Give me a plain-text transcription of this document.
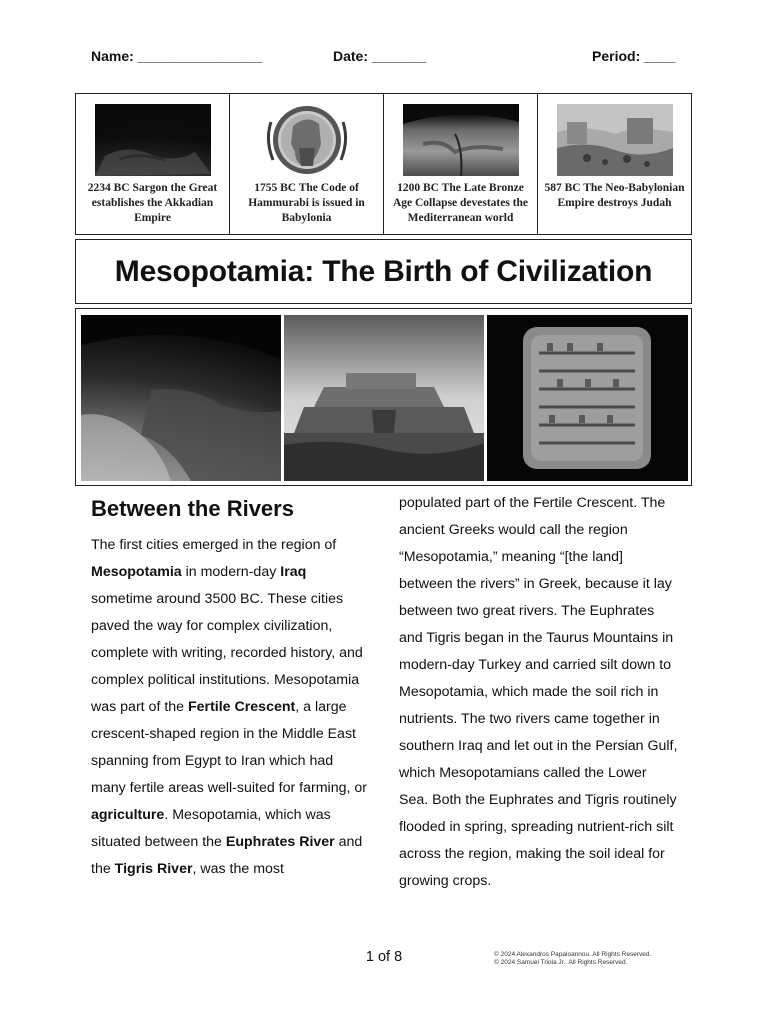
Name: ________________	Date: _______	Period: ____
2234 BC Sargon the Great establishes the Akkadian Empire
1755 BC The Code of Hammurabi is issued in Babylonia
1200 BC The Late Bronze Age Collapse devestates the Mediterranean world
587 BC The Neo-Babylonian Empire destroys Judah
Mesopotamia: The Birth of Civilization
Between the Rivers

The first cities emerged in the region of Mesopotamia in modern-day Iraq sometime around 3500 BC. These cities paved the way for complex civilization, complete with writing, recorded history, and complex political institutions. Mesopotamia was part of the Fertile Crescent, a large crescent-shaped region in the Middle East spanning from Egypt to Iran which had many fertile areas well-suited for farming, or agriculture. Mesopotamia, which was situated between the Euphrates River and the Tigris River, was the most

populated part of the Fertile Crescent. The ancient Greeks would call the region “Mesopotamia,” meaning “[the land] between the rivers” in Greek, because it lay between two great rivers. The Euphrates and Tigris began in the Taurus Mountains in modern-day Turkey and carried silt down to Mesopotamia, which made the soil rich in nutrients. The two rivers came together in southern Iraq and let out in the Persian Gulf, which Mesopotamians called the Lower Sea. Both the Euphrates and Tigris routinely flooded in spring, spreading nutrient-rich silt across the region, making the soil ideal for growing crops.

1 of 8	© 2024 Alexandros Papaloannou. All Rights Reserved.
© 2024 Samuel Triola Jr.. All Rights Reserved.
